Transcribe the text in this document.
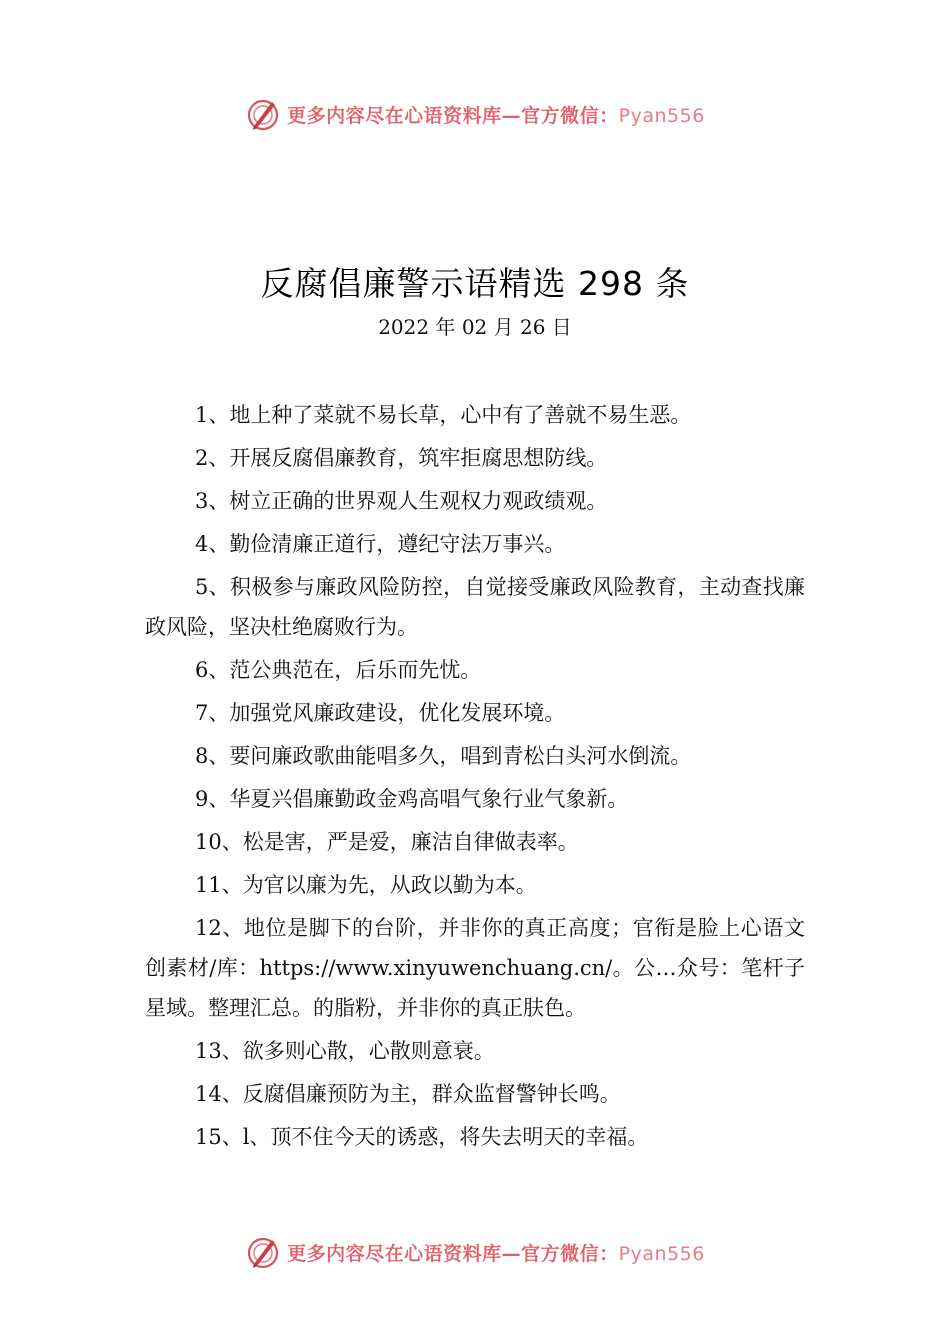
更多内容尽在心语资料库—官方微信：Pyan556
反腐倡廉警示语精选 298 条
2022 年 02 月 26 日

1、地上种了菜就不易长草，心中有了善就不易生恶。

2、开展反腐倡廉教育，筑牢拒腐思想防线。

3、树立正确的世界观人生观权力观政绩观。

4、勤俭清廉正道行，遵纪守法万事兴。

5、积极参与廉政风险防控，自觉接受廉政风险教育，主动查找廉政风险，坚决杜绝腐败行为。

6、范公典范在，后乐而先忧。

7、加强党风廉政建设，优化发展环境。

8、要问廉政歌曲能唱多久，唱到青松白头河水倒流。

9、华夏兴倡廉勤政金鸡高唱气象行业气象新。

10、松是害，严是爱，廉洁自律做表率。

11、为官以廉为先，从政以勤为本。

12、地位是脚下的台阶，并非你的真正高度；官衔是脸上心语文创素材/库：https://www.xinyuwenchuang.cn/。公…众号：笔杆子星域。整理汇总。的脂粉，并非你的真正肤色。

13、欲多则心散，心散则意衰。

14、反腐倡廉预防为主，群众监督警钟长鸣。

15、l、顶不住今天的诱惑，将失去明天的幸福。

更多内容尽在心语资料库—官方微信：Pyan556
